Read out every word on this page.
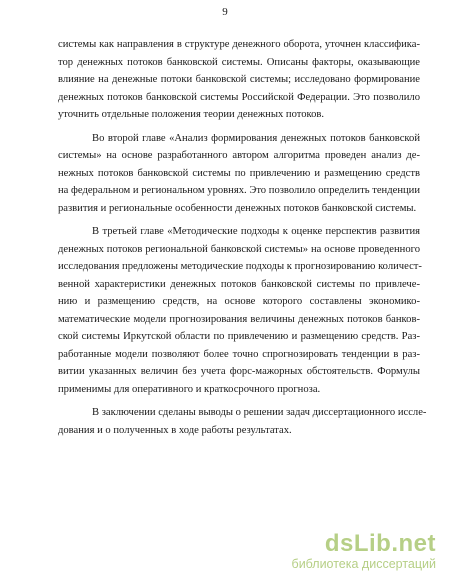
9
системы как направления в структуре денежного оборота, уточнен классифика-
тор денежных потоков банковской системы. Описаны факторы, оказывающие
влияние на денежные потоки банковской системы; исследовано формирование
денежных потоков банковской системы Российской Федерации. Это позволило
уточнить отдельные положения теории денежных потоков.
Во второй главе «Анализ формирования денежных потоков банковской
системы» на основе разработанного автором алгоритма проведен анализ де-
нежных потоков банковской системы по привлечению и размещению средств
на федеральном и региональном уровнях. Это позволило определить тенденции
развития и региональные особенности денежных потоков банковской системы.
В третьей главе «Методические подходы к оценке перспектив развития
денежных потоков региональной банковской системы» на основе проведенного
исследования предложены методические подходы к прогнозированию количест-
венной характеристики денежных потоков банковской системы по привлече-
нию и размещению средств, на основе которого составлены экономико-
математические модели прогнозирования величины денежных потоков банков-
ской системы Иркутской области по привлечению и размещению средств. Раз-
работанные модели позволяют более точно спрогнозировать тенденции в раз-
витии указанных величин без учета форс-мажорных обстоятельств. Формулы
применимы для оперативного и краткосрочного прогноза.
В заключении сделаны выводы о решении задач диссертационного иссле-
дования и о полученных в ходе работы результатах.
dsLib.net
библиотека диссертаций
